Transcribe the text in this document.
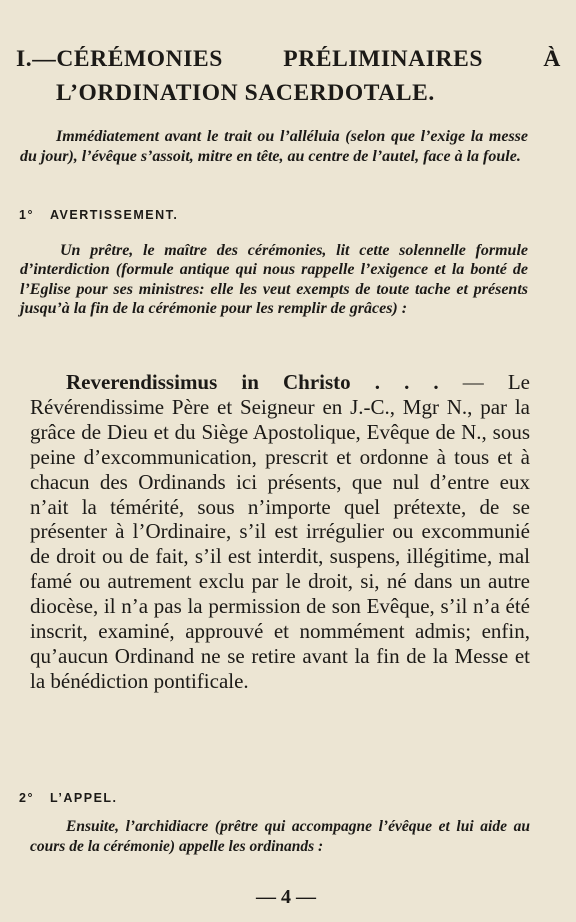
I.—CÉRÉMONIES PRÉLIMINAIRES À
L’ORDINATION SACERDOTALE.

Immédiatement avant le trait ou l’alléluia (selon que l’exige la messe du jour), l’évêque s’assoit, mitre en tête, au centre de l’autel, face à la foule.

1° AVERTISSEMENT.

Un prêtre, le maître des cérémonies, lit cette solennelle formule d’interdiction (formule antique qui nous rappelle l’exigence et la bonté de l’Eglise pour ses ministres: elle les veut exempts de toute tache et présents jusqu’à la fin de la cérémonie pour les remplir de grâces) :

Reverendissimus in Christo . . . — Le Révérendissime Père et Seigneur en J.-C., Mgr N., par la grâce de Dieu et du Siège Apostolique, Evêque de N., sous peine d’excommunication, prescrit et ordonne à tous et à chacun des Ordinands ici présents, que nul d’entre eux n’ait la témérité, sous n’importe quel prétexte, de se présenter à l’Ordinaire, s’il est irrégulier ou excommunié de droit ou de fait, s’il est interdit, suspens, illégitime, mal famé ou autrement exclu par le droit, si, né dans un autre diocèse, il n’a pas la permission de son Evêque, s’il n’a été inscrit, examiné, approuvé et nommément admis; enfin, qu’aucun Ordinand ne se retire avant la fin de la Messe et la bénédiction pontificale.

2° L’APPEL.

Ensuite, l’archidiacre (prêtre qui accompagne l’évêque et lui aide au cours de la cérémonie) appelle les ordinands :

— 4 —
